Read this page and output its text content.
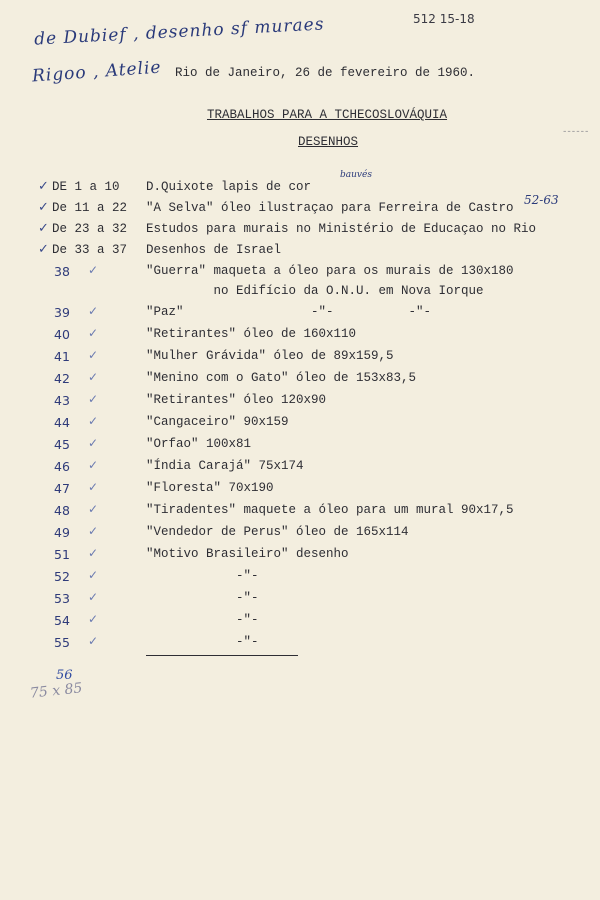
512 15-18
de Dubief , desenho sf muraes
Rigoo , Atelie Rio de Janeiro, 26 de fevereiro de 1960.
TRABALHOS PARA A TCHECOSLOVÁQUIA
DESENHOS
------
✓ DE 1 a 10 D.Quixote lapis de cor
bauvés
✓ De 11 a 22 "A Selva" óleo ilustraçao para Ferreira de Castro
52-63
✓ De 23 a 32 Estudos para murais no Ministério de Educaçao no Rio
✓ De 33 a 37 Desenhos de Israel
38 ✓	"Guerra" maqueta a óleo para os murais de 130x180
no Edifício da O.N.U. em Nova Iorque
39 ✓	"Paz"                 -"-          -"-
40 ✓	"Retirantes" óleo de 160x110
41 ✓	"Mulher Grávida" óleo de 89x159,5
42 ✓	"Menino com o Gato" óleo de 153x83,5
43 ✓	"Retirantes" óleo 120x90
44 ✓	"Cangaceiro" 90x159
45 ✓	"Orfao" 100x81
46 ✓	"Índia Carajá" 75x174
47 ✓	"Floresta" 70x190
48 ✓	"Tiradentes" maquete a óleo para um mural 90x17,5
49 ✓	"Vendedor de Perus" óleo de 165x114
51 ✓	"Motivo Brasileiro" desenho
52 ✓	-"-
53 ✓	-"-
54 ✓	-"-
55 ✓	-"-
56
75 x 85
